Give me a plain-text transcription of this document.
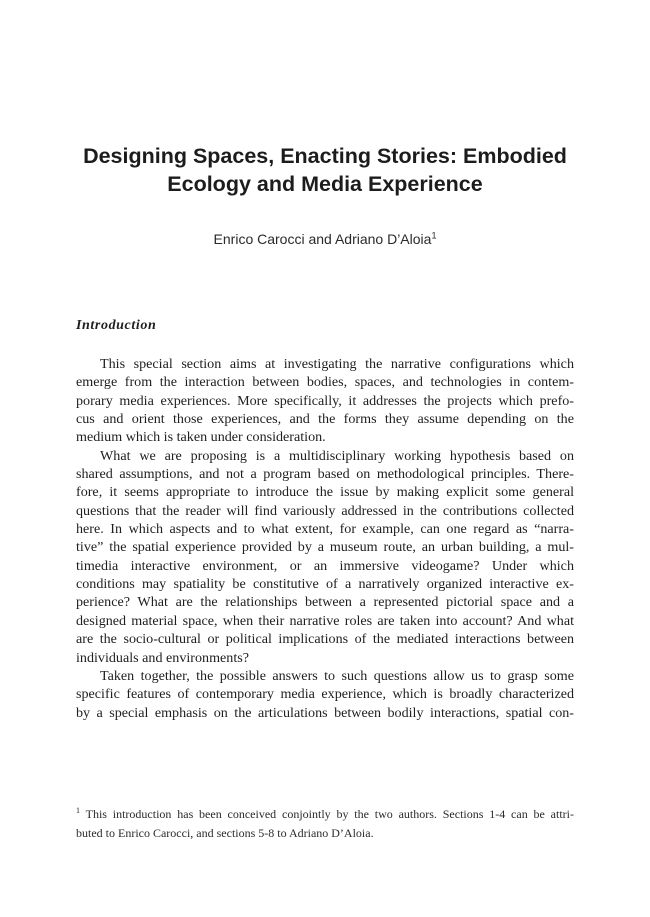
Designing Spaces, Enacting Stories: Embodied
Ecology and Media Experience
Enrico Carocci and Adriano D’Aloia$^1$
Introduction
This special section aims at investigating the narrative configurations which
emerge from the interaction between bodies, spaces, and technologies in contem-
porary media experiences. More specifically, it addresses the projects which prefo-
cus and orient those experiences, and the forms they assume depending on the
medium which is taken under consideration.
What we are proposing is a multidisciplinary working hypothesis based on
shared assumptions, and not a program based on methodological principles. There-
fore, it seems appropriate to introduce the issue by making explicit some general
questions that the reader will find variously addressed in the contributions collected
here. In which aspects and to what extent, for example, can one regard as “narra-
tive” the spatial experience provided by a museum route, an urban building, a mul-
timedia interactive environment, or an immersive videogame? Under which
conditions may spatiality be constitutive of a narratively organized interactive ex-
perience? What are the relationships between a represented pictorial space and a
designed material space, when their narrative roles are taken into account? And what
are the socio-cultural or political implications of the mediated interactions between
individuals and environments?
Taken together, the possible answers to such questions allow us to grasp some
specific features of contemporary media experience, which is broadly characterized
by a special emphasis on the articulations between bodily interactions, spatial con-
$^1$ This introduction has been conceived conjointly by the two authors. Sections 1-4 can be attri-
buted to Enrico Carocci, and sections 5-8 to Adriano D’Aloia.
